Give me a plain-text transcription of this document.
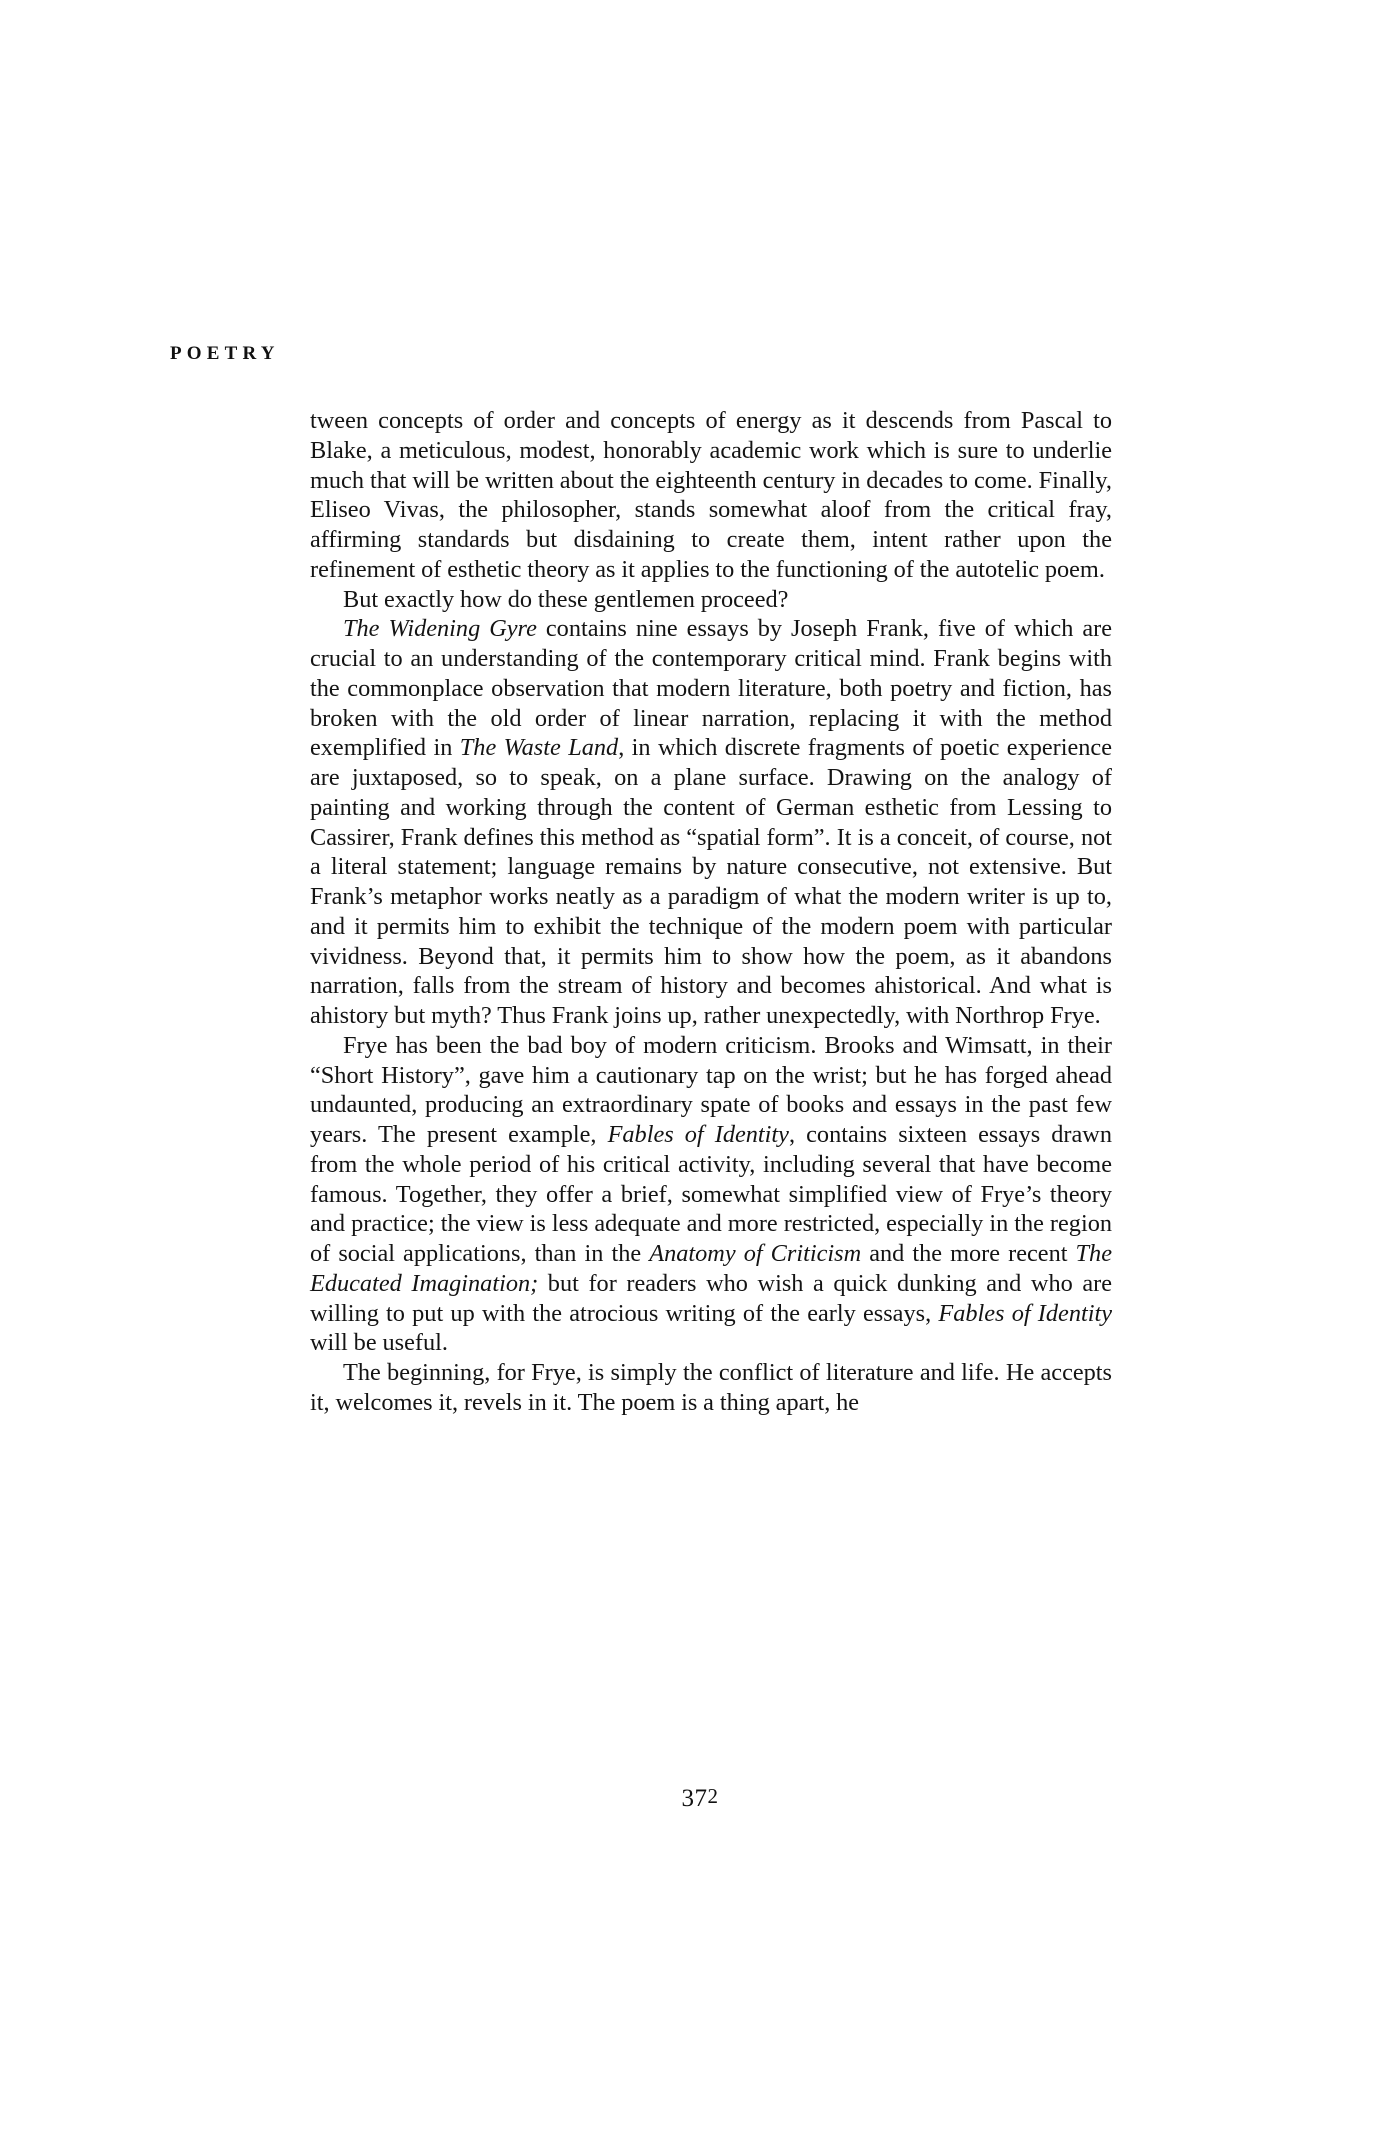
POETRY

tween concepts of order and concepts of energy as it descends from Pascal to Blake, a meticulous, modest, honorably academic work which is sure to underlie much that will be written about the eighteenth century in decades to come. Finally, Eliseo Vivas, the philosopher, stands somewhat aloof from the critical fray, affirming standards but disdaining to create them, intent rather upon the refinement of esthetic theory as it applies to the functioning of the autotelic poem.

But exactly how do these gentlemen proceed?

The Widening Gyre contains nine essays by Joseph Frank, five of which are crucial to an understanding of the contemporary critical mind. Frank begins with the commonplace observation that modern literature, both poetry and fiction, has broken with the old order of linear narration, replacing it with the method exemplified in The Waste Land, in which discrete fragments of poetic experience are juxtaposed, so to speak, on a plane surface. Drawing on the analogy of painting and working through the content of German esthetic from Lessing to Cassirer, Frank defines this method as “spatial form”. It is a conceit, of course, not a literal statement; language remains by nature consecutive, not extensive. But Frank’s metaphor works neatly as a paradigm of what the modern writer is up to, and it permits him to exhibit the technique of the modern poem with particular vividness. Beyond that, it permits him to show how the poem, as it abandons narration, falls from the stream of history and becomes ahistorical. And what is ahistory but myth? Thus Frank joins up, rather unexpectedly, with Northrop Frye.

Frye has been the bad boy of modern criticism. Brooks and Wimsatt, in their “Short History”, gave him a cautionary tap on the wrist; but he has forged ahead undaunted, producing an extraordinary spate of books and essays in the past few years. The present example, Fables of Identity, contains sixteen essays drawn from the whole period of his critical activity, including several that have become famous. Together, they offer a brief, somewhat simplified view of Frye’s theory and practice; the view is less adequate and more restricted, especially in the region of social applications, than in the Anatomy of Criticism and the more recent The Educated Imagination; but for readers who wish a quick dunking and who are willing to put up with the atrocious writing of the early essays, Fables of Identity will be useful.

The beginning, for Frye, is simply the conflict of literature and life. He accepts it, welcomes it, revels in it. The poem is a thing apart, he

372
